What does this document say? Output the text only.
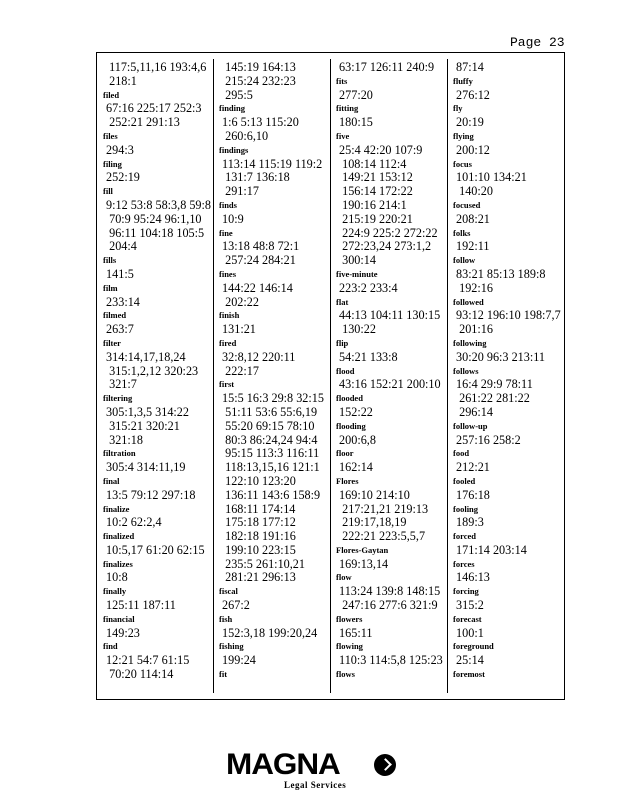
Page 23
117:5,11,16 193:4,6
218:1
filed
67:16 225:17 252:3
252:21 291:13
files
294:3
filing
252:19
fill
9:12 53:8 58:3,8 59:8
70:9 95:24 96:1,10
96:11 104:18 105:5
204:4
fills
141:5
film
233:14
filmed
263:7
filter
314:14,17,18,24
315:1,2,12 320:23
321:7
filtering
305:1,3,5 314:22
315:21 320:21
321:18
filtration
305:4 314:11,19
final
13:5 79:12 297:18
finalize
10:2 62:2,4
finalized
10:5,17 61:20 62:15
finalizes
10:8
finally
125:11 187:11
financial
149:23
find
12:21 54:7 61:15
70:20 114:14
145:19 164:13
215:24 232:23
295:5
finding
1:6 5:13 115:20
260:6,10
findings
113:14 115:19 119:2
131:7 136:18
291:17
finds
10:9
fine
13:18 48:8 72:1
257:24 284:21
fines
144:22 146:14
202:22
finish
131:21
fired
32:8,12 220:11
222:17
first
15:5 16:3 29:8 32:15
51:11 53:6 55:6,19
55:20 69:15 78:10
80:3 86:24,24 94:4
95:15 113:3 116:11
118:13,15,16 121:1
122:10 123:20
136:11 143:6 158:9
168:11 174:14
175:18 177:12
182:18 191:16
199:10 223:15
235:5 261:10,21
281:21 296:13
fiscal
267:2
fish
152:3,18 199:20,24
fishing
199:24
fit
63:17 126:11 240:9
fits
277:20
fitting
180:15
five
25:4 42:20 107:9
108:14 112:4
149:21 153:12
156:14 172:22
190:16 214:1
215:19 220:21
224:9 225:2 272:22
272:23,24 273:1,2
300:14
five-minute
223:2 233:4
flat
44:13 104:11 130:15
130:22
flip
54:21 133:8
flood
43:16 152:21 200:10
flooded
152:22
flooding
200:6,8
floor
162:14
Flores
169:10 214:10
217:21,21 219:13
219:17,18,19
222:21 223:5,5,7
Flores-Gaytan
169:13,14
flow
113:24 139:8 148:15
247:16 277:6 321:9
flowers
165:11
flowing
110:3 114:5,8 125:23
flows
87:14
fluffy
276:12
fly
20:19
flying
200:12
focus
101:10 134:21
140:20
focused
208:21
folks
192:11
follow
83:21 85:13 189:8
192:16
followed
93:12 196:10 198:7,7
201:16
following
30:20 96:3 213:11
follows
16:4 29:9 78:11
261:22 281:22
296:14
follow-up
257:16 258:2
food
212:21
fooled
176:18
fooling
189:3
forced
171:14 203:14
forces
146:13
forcing
315:2
forecast
100:1
foreground
25:14
foremost
MAGNA
Legal Services
